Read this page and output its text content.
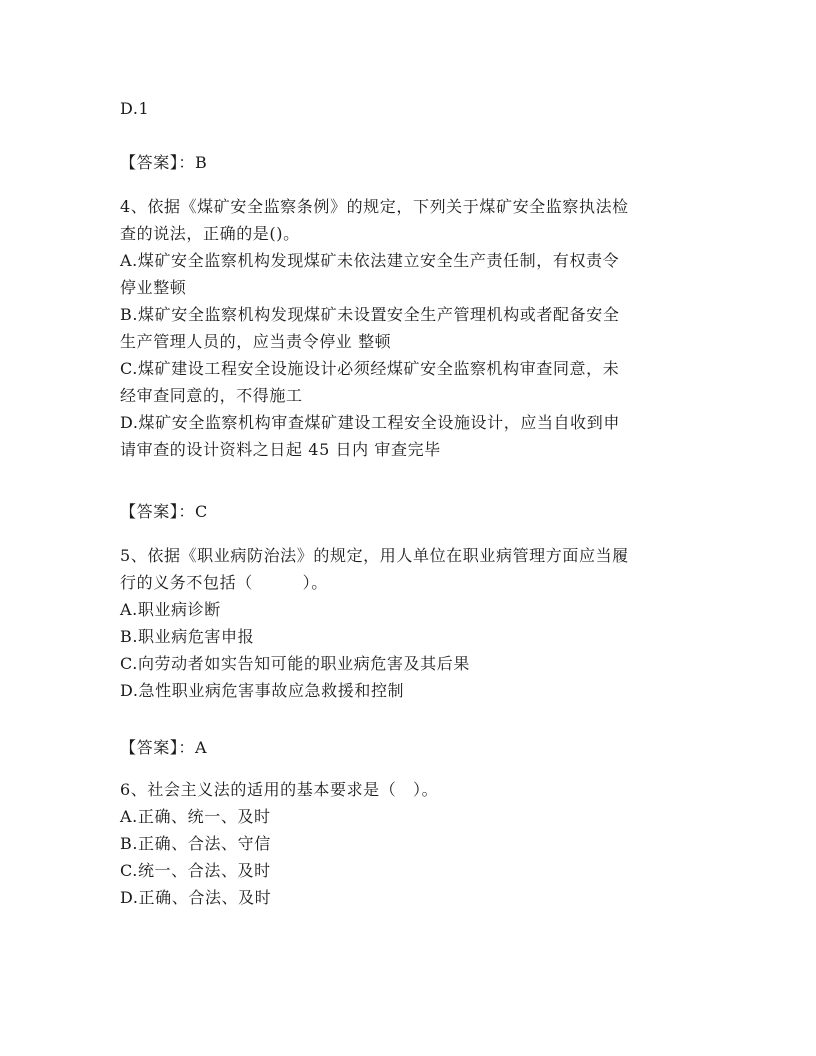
D.1
【答案】：B
4、依据《煤矿安全监察条例》的规定，下列关于煤矿安全监察执法检
查的说法，正确的是()。
A.煤矿安全监察机构发现煤矿未依法建立安全生产责任制，有权责令
停业整顿
B.煤矿安全监察机构发现煤矿未设置安全生产管理机构或者配备安全
生产管理人员的，应当责令停业 整顿
C.煤矿建设工程安全设施设计必须经煤矿安全监察机构审查同意，未
经审查同意的，不得施工
D.煤矿安全监察机构审查煤矿建设工程安全设施设计，应当自收到申
请审查的设计资料之日起 45 日内 审查完毕
【答案】：C
5、依据《职业病防治法》的规定，用人单位在职业病管理方面应当履
行的义务不包括（　　　）。
A.职业病诊断
B.职业病危害申报
C.向劳动者如实告知可能的职业病危害及其后果
D.急性职业病危害事故应急救援和控制
【答案】：A
6、社会主义法的适用的基本要求是（　）。
A.正确、统一、及时
B.正确、合法、守信
C.统一、合法、及时
D.正确、合法、及时
